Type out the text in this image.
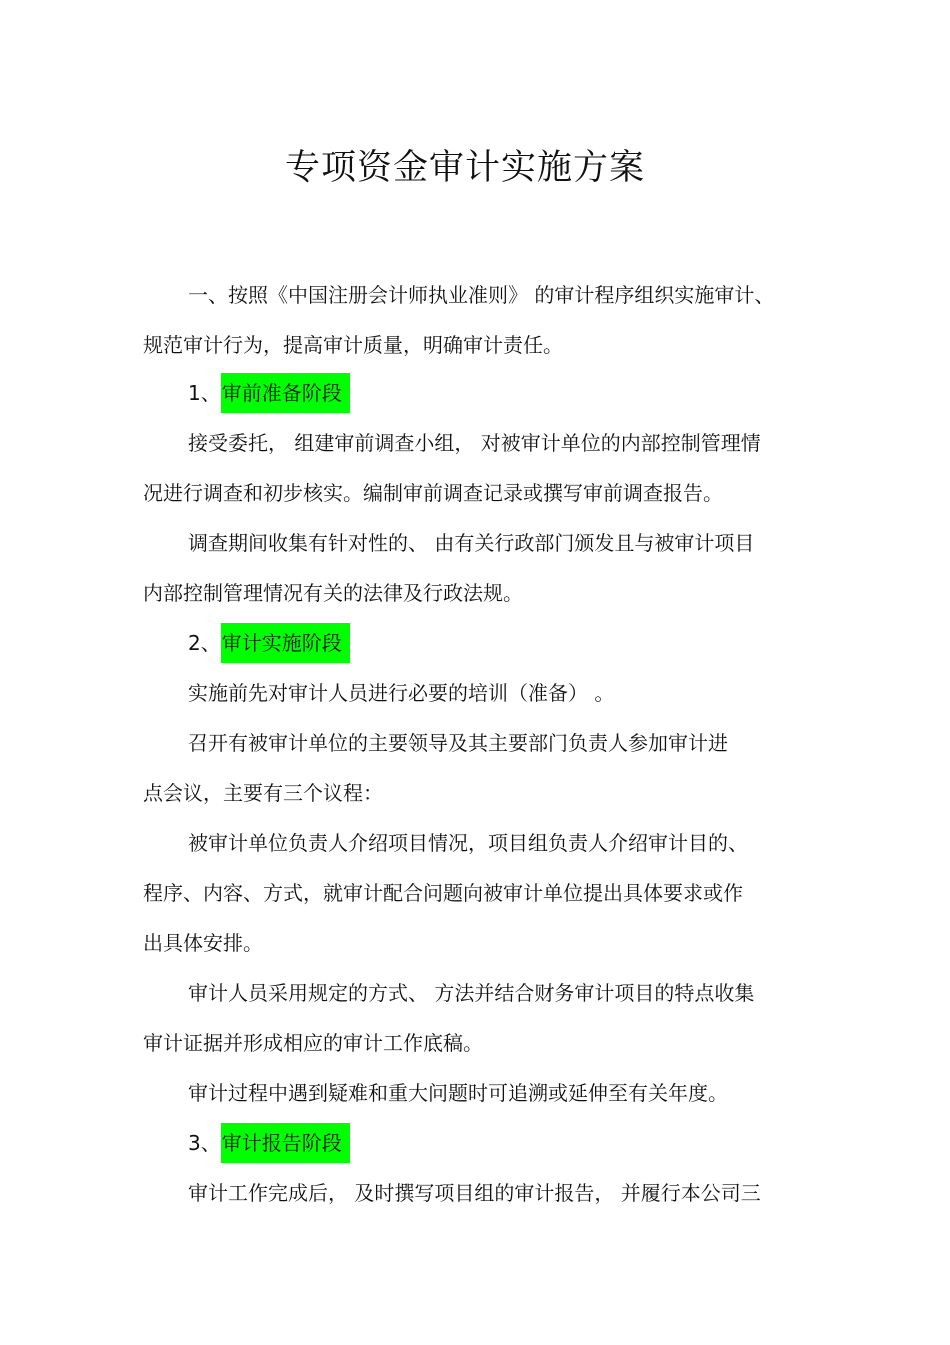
专项资金审计实施方案

一、按照《中国注册会计师执业准则》 的审计程序组织实施审计、

规范审计行为，提高审计质量，明确审计责任。

1、审前准备阶段

接受委托， 组建审前调查小组， 对被审计单位的内部控制管理情

况进行调查和初步核实。编制审前调查记录或撰写审前调查报告。

调查期间收集有针对性的、 由有关行政部门颁发且与被审计项目

内部控制管理情况有关的法律及行政法规。

2、审计实施阶段

实施前先对审计人员进行必要的培训（准备） 。

召开有被审计单位的主要领导及其主要部门负责人参加审计进

点会议，主要有三个议程：

被审计单位负责人介绍项目情况，项目组负责人介绍审计目的、

程序、内容、方式，就审计配合问题向被审计单位提出具体要求或作

出具体安排。

审计人员采用规定的方式、 方法并结合财务审计项目的特点收集

审计证据并形成相应的审计工作底稿。

审计过程中遇到疑难和重大问题时可追溯或延伸至有关年度。

3、审计报告阶段

审计工作完成后， 及时撰写项目组的审计报告， 并履行本公司三
